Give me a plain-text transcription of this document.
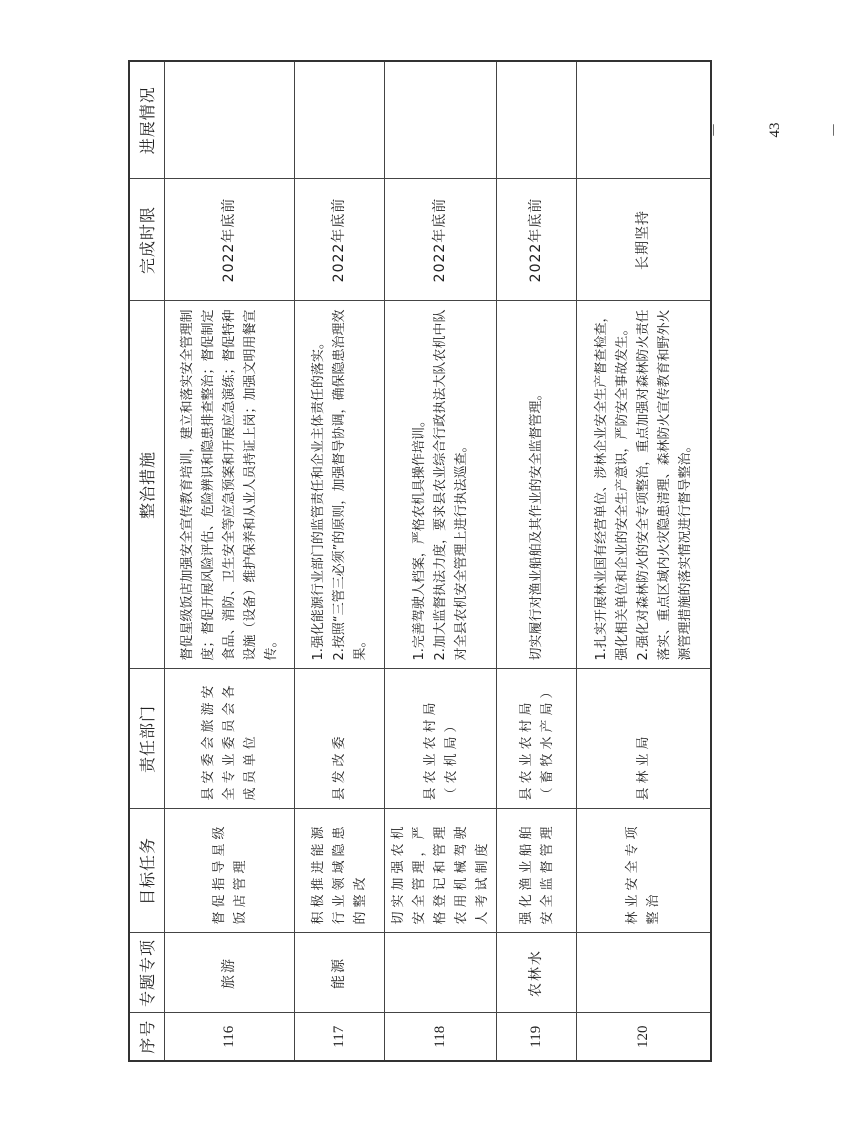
序号	专题专项	目标任务	责任部门	整治措施	完成时限	进展情况
116	旅游	督促指导星级饭店管理	县安委会旅游安全专业委员会各成员单位	督促星级饭店加强安全宣传教育培训，建立和落实安全管理制度；督促开展风险评估、危险辨识和隐患排查整治；督促制定食品、消防、卫生安全等应急预案和开展应急演练；督促特种设施（设备）维护保养和从业人员持证上岗；加强文明用餐宣传。	2022年底前	
117	能源	积极推进能源行业领域隐患的整改	县发改委	1.强化能源行业部门的监管责任和企业主体责任的落实。 2.按照“三管三必须”的原则，加强督导协调，确保隐患治理效果。	2022年底前	
118		切实加强农机安全管理，严格登记和管理农用机械驾驶人考试制度	县农业农村局（农机局）	1.完善驾驶人档案，严格农机具操作培训。 2.加大监督执法力度，要求县农业综合行政执法大队农机中队对全县农机安全管理上进行执法巡查。	2022年底前	
119	农林水	强化渔业船舶安全监督管理	县农业农村局（畜牧水产局）	切实履行对渔业船舶及其作业的安全监督管理。	2022年底前	
120		林业安全专项整治	县林业局	1.扎实开展林业国有经营单位、涉林企业安全生产督查检查，强化相关单位和企业的安全生产意识，严防安全事故发生。 2.强化对森林防火的安全专项整治，重点加强对森林防火责任落实、重点区域内火灾隐患清理、森林防火宣传教育和野外火源管理措施的落实情况进行督导整治。	长期坚持	
－ 43 －
